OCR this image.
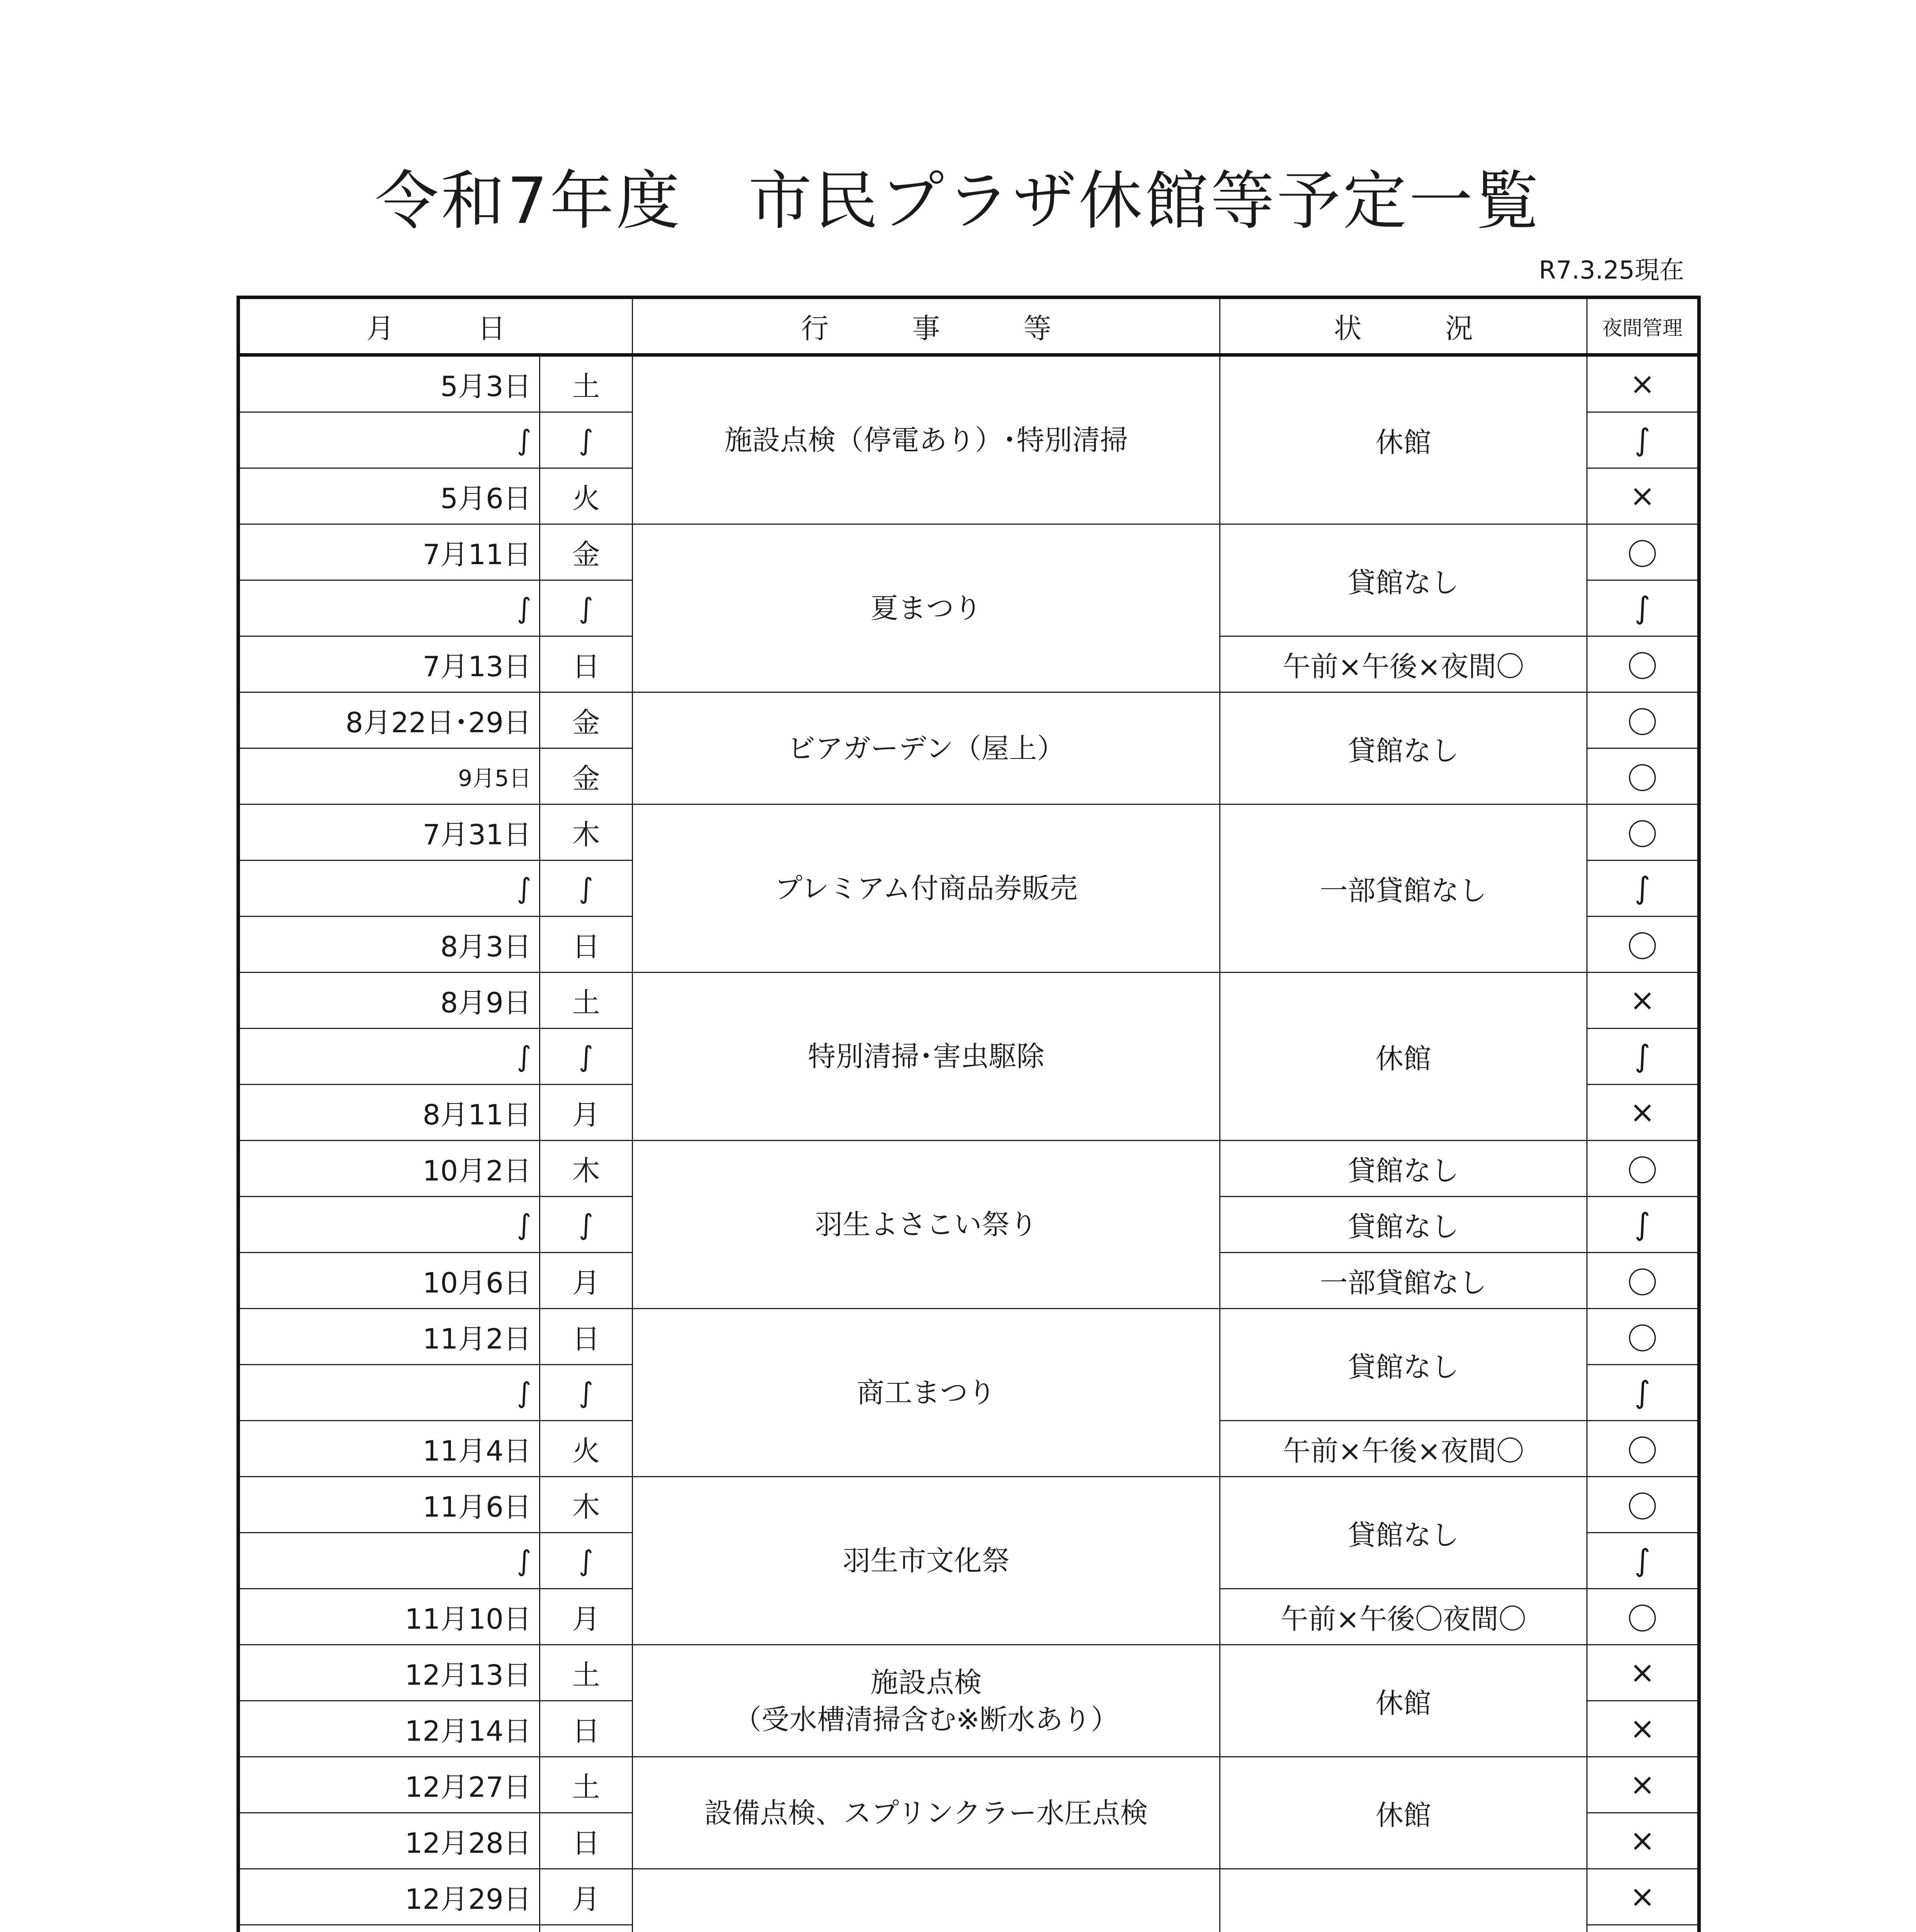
令和7年度　市民プラザ休館等予定一覧
R7.3.25現在
月　　　日		行　　　事　　　等	状　　　況	夜間管理
5月3日	土	施設点検（停電あり）･特別清掃	休館	×
∫	∫			∫
5月6日	火			×
7月11日	金	夏まつり	貸館なし	〇
∫	∫			∫
7月13日	日		午前×午後×夜間〇	〇
8月22日･29日	金	ビアガーデン（屋上）	貸館なし	〇
9月5日	金			〇
7月31日	木	プレミアム付商品券販売	一部貸館なし	〇
∫	∫			∫
8月3日	日			〇
8月9日	土	特別清掃･害虫駆除	休館	×
∫	∫			∫
8月11日	月			×
10月2日	木	羽生よさこい祭り	貸館なし	〇
∫	∫		貸館なし	∫
10月6日	月		一部貸館なし	〇
11月2日	日	商工まつり	貸館なし	〇
∫	∫			∫
11月4日	火		午前×午後×夜間〇	〇
11月6日	木	羽生市文化祭	貸館なし	〇
∫	∫			∫
11月10日	月		午前×午後〇夜間〇	〇
12月13日	土	施設点検
（受水槽清掃含む※断水あり）	休館	×
12月14日	日			×
12月27日	土	設備点検、スプリンクラー水圧点検	休館	×
12月28日	日			×
12月29日	月			×
